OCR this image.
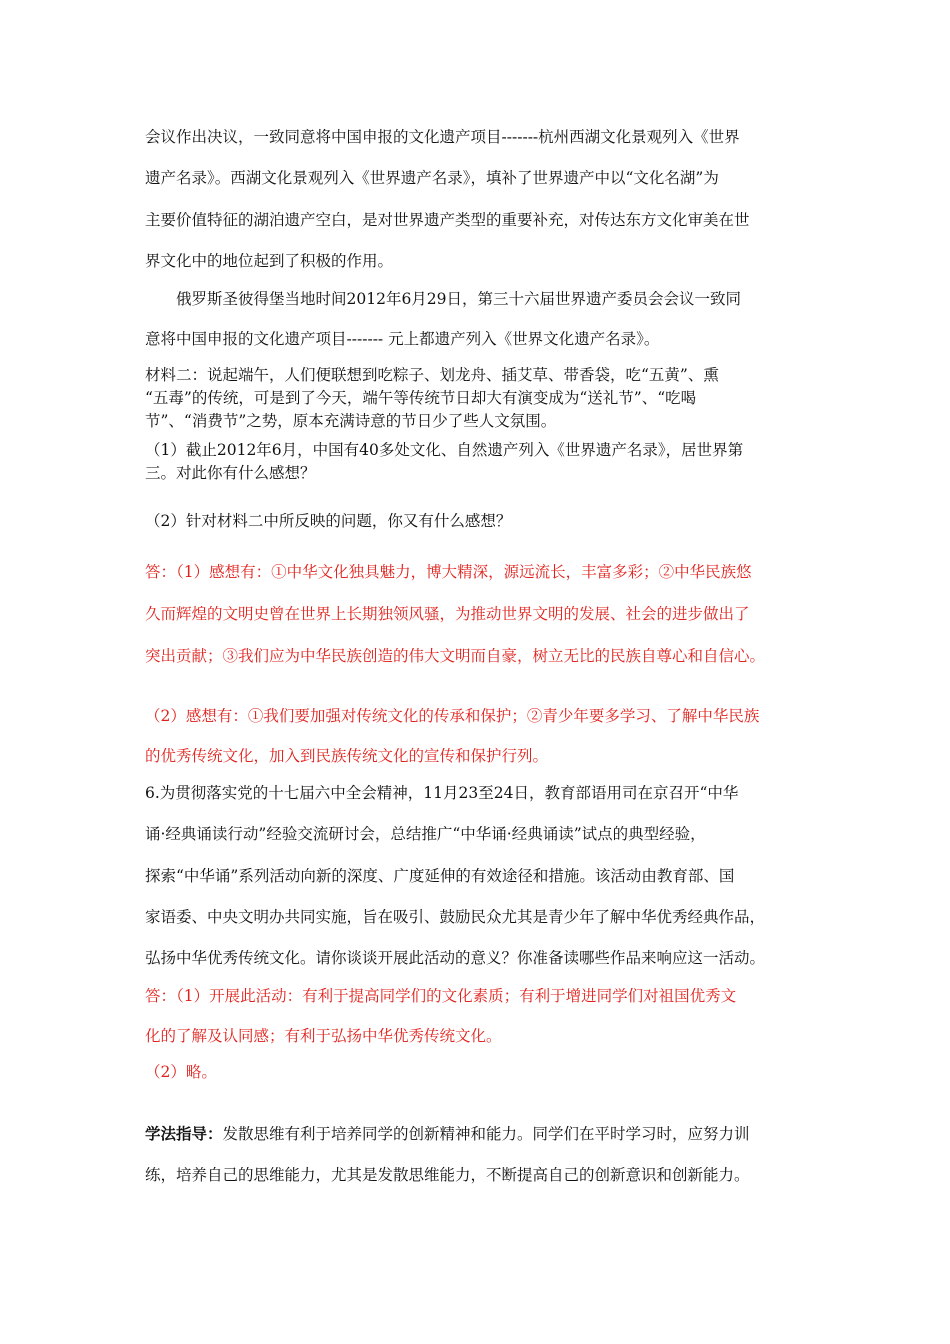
会议作出决议，一致同意将中国申报的文化遗产项目-------杭州西湖文化景观列入《世界
遗产名录》。西湖文化景观列入《世界遗产名录》，填补了世界遗产中以“文化名湖”为
主要价值特征的湖泊遗产空白，是对世界遗产类型的重要补充，对传达东方文化审美在世
界文化中的地位起到了积极的作用。
俄罗斯圣彼得堡当地时间2012年6月29日，第三十六届世界遗产委员会会议一致同
意将中国申报的文化遗产项目------- 元上都遗产列入《世界文化遗产名录》。
材料二：说起端午，人们便联想到吃粽子、划龙舟、插艾草、带香袋，吃“五黄”、熏
“五毒”的传统，可是到了今天，端午等传统节日却大有演变成为“送礼节”、“吃喝
节”、“消费节”之势，原本充满诗意的节日少了些人文氛围。
（1）截止2012年6月，中国有40多处文化、自然遗产列入《世界遗产名录》，居世界第
三。对此你有什么感想？
（2）针对材料二中所反映的问题，你又有什么感想？
答：（1）感想有：①中华文化独具魅力，博大精深，源远流长，丰富多彩；②中华民族悠
久而辉煌的文明史曾在世界上长期独领风骚，为推动世界文明的发展、社会的进步做出了
突出贡献；③我们应为中华民族创造的伟大文明而自豪，树立无比的民族自尊心和自信心。
（2）感想有：①我们要加强对传统文化的传承和保护；②青少年要多学习、了解中华民族
的优秀传统文化，加入到民族传统文化的宣传和保护行列。
6.为贯彻落实党的十七届六中全会精神，11月23至24日，教育部语用司在京召开“中华
诵·经典诵读行动”经验交流研讨会，总结推广“中华诵·经典诵读”试点的典型经验，
探索“中华诵”系列活动向新的深度、广度延伸的有效途径和措施。该活动由教育部、国
家语委、中央文明办共同实施，旨在吸引、鼓励民众尤其是青少年了解中华优秀经典作品，
弘扬中华优秀传统文化。请你谈谈开展此活动的意义？你准备读哪些作品来响应这一活动。
答：（1）开展此活动：有利于提高同学们的文化素质；有利于增进同学们对祖国优秀文
化的了解及认同感；有利于弘扬中华优秀传统文化。
（2）略。
学法指导：发散思维有利于培养同学的创新精神和能力。同学们在平时学习时，应努力训
练，培养自己的思维能力，尤其是发散思维能力，不断提高自己的创新意识和创新能力。
